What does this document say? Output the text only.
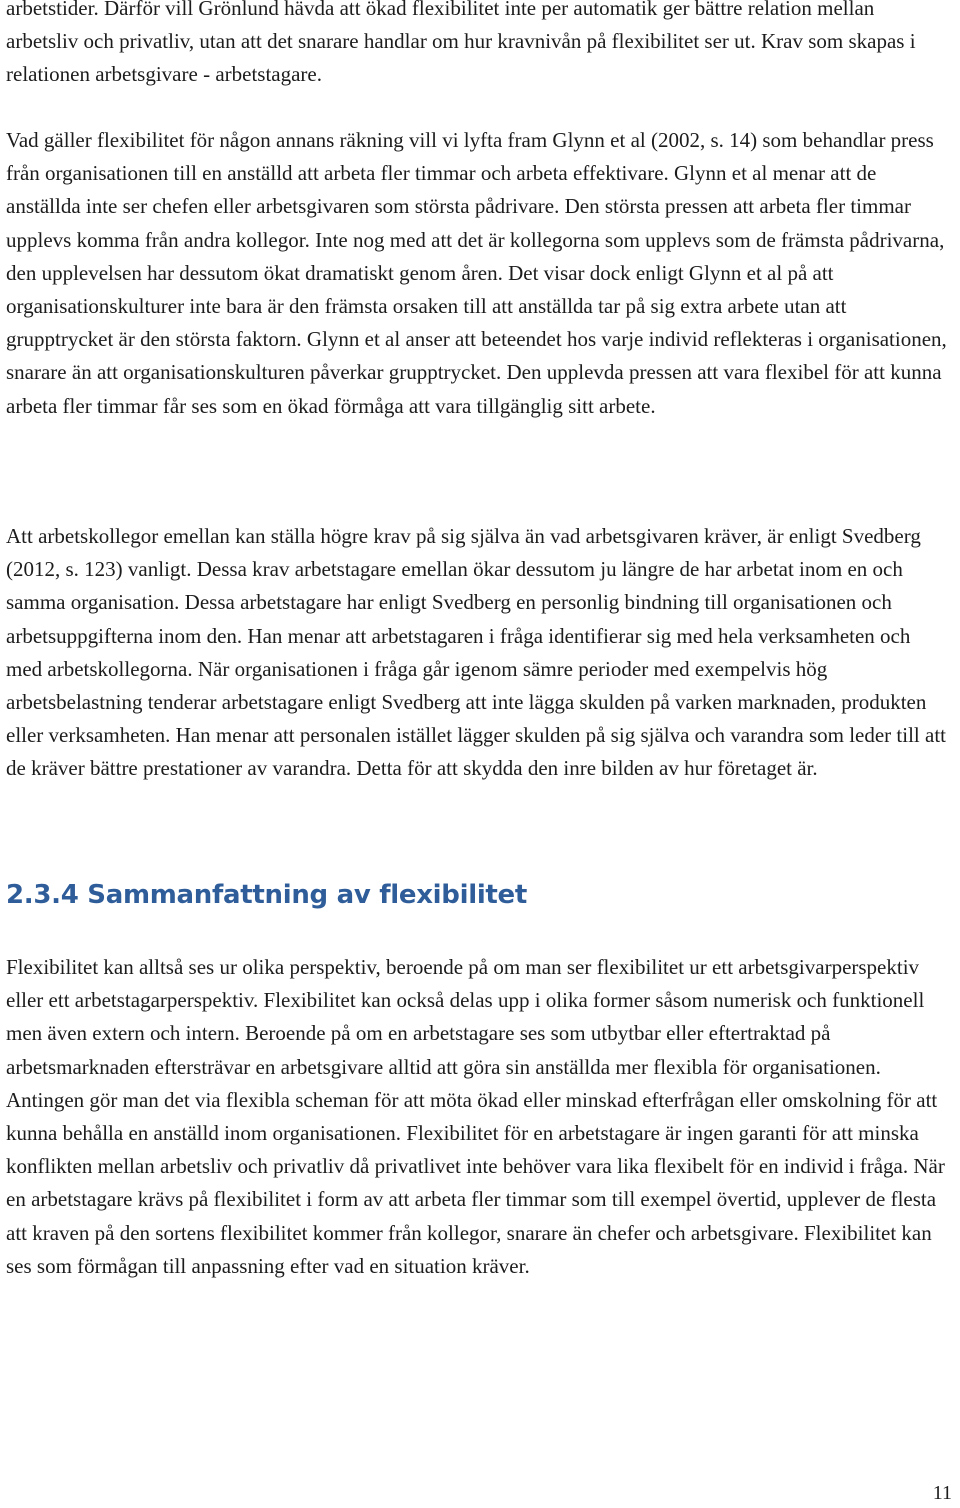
arbetstider. Därför vill Grönlund hävda att ökad flexibilitet inte per automatik ger bättre relation mellan arbetsliv och privatliv, utan att det snarare handlar om hur kravnivån på flexibilitet ser ut. Krav som skapas i relationen arbetsgivare - arbetstagare.

Vad gäller flexibilitet för någon annans räkning vill vi lyfta fram Glynn et al (2002, s. 14) som behandlar press från organisationen till en anställd att arbeta fler timmar och arbeta effektivare. Glynn et al menar att de anställda inte ser chefen eller arbetsgivaren som största pådrivare. Den största pressen att arbeta fler timmar upplevs komma från andra kollegor. Inte nog med att det är kollegorna som upplevs som de främsta pådrivarna, den upplevelsen har dessutom ökat dramatiskt genom åren. Det visar dock enligt Glynn et al på att organisationskulturer inte bara är den främsta orsaken till att anställda tar på sig extra arbete utan att grupptrycket är den största faktorn. Glynn et al anser att beteendet hos varje individ reflekteras i organisationen, snarare än att organisationskulturen påverkar grupptrycket. Den upplevda pressen att vara flexibel för att kunna arbeta fler timmar får ses som en ökad förmåga att vara tillgänglig sitt arbete.

Att arbetskollegor emellan kan ställa högre krav på sig själva än vad arbetsgivaren kräver, är enligt Svedberg (2012, s. 123) vanligt. Dessa krav arbetstagare emellan ökar dessutom ju längre de har arbetat inom en och samma organisation. Dessa arbetstagare har enligt Svedberg en personlig bindning till organisationen och arbetsuppgifterna inom den. Han menar att arbetstagaren i fråga identifierar sig med hela verksamheten och med arbetskollegorna. När organisationen i fråga går igenom sämre perioder med exempelvis hög arbetsbelastning tenderar arbetstagare enligt Svedberg att inte lägga skulden på varken marknaden, produkten eller verksamheten. Han menar att personalen istället lägger skulden på sig själva och varandra som leder till att de kräver bättre prestationer av varandra. Detta för att skydda den inre bilden av hur företaget är.

2.3.4 Sammanfattning av flexibilitet

Flexibilitet kan alltså ses ur olika perspektiv, beroende på om man ser flexibilitet ur ett arbetsgivarperspektiv eller ett arbetstagarperspektiv. Flexibilitet kan också delas upp i olika former såsom numerisk och funktionell men även extern och intern. Beroende på om en arbetstagare ses som utbytbar eller eftertraktad på arbetsmarknaden eftersträvar en arbetsgivare alltid att göra sin anställda mer flexibla för organisationen. Antingen gör man det via flexibla scheman för att möta ökad eller minskad efterfrågan eller omskolning för att kunna behålla en anställd inom organisationen. Flexibilitet för en arbetstagare är ingen garanti för att minska konflikten mellan arbetsliv och privatliv då privatlivet inte behöver vara lika flexibelt för en individ i fråga. När en arbetstagare krävs på flexibilitet i form av att arbeta fler timmar som till exempel övertid, upplever de flesta att kraven på den sortens flexibilitet kommer från kollegor, snarare än chefer och arbetsgivare. Flexibilitet kan ses som förmågan till anpassning efter vad en situation kräver.

11
